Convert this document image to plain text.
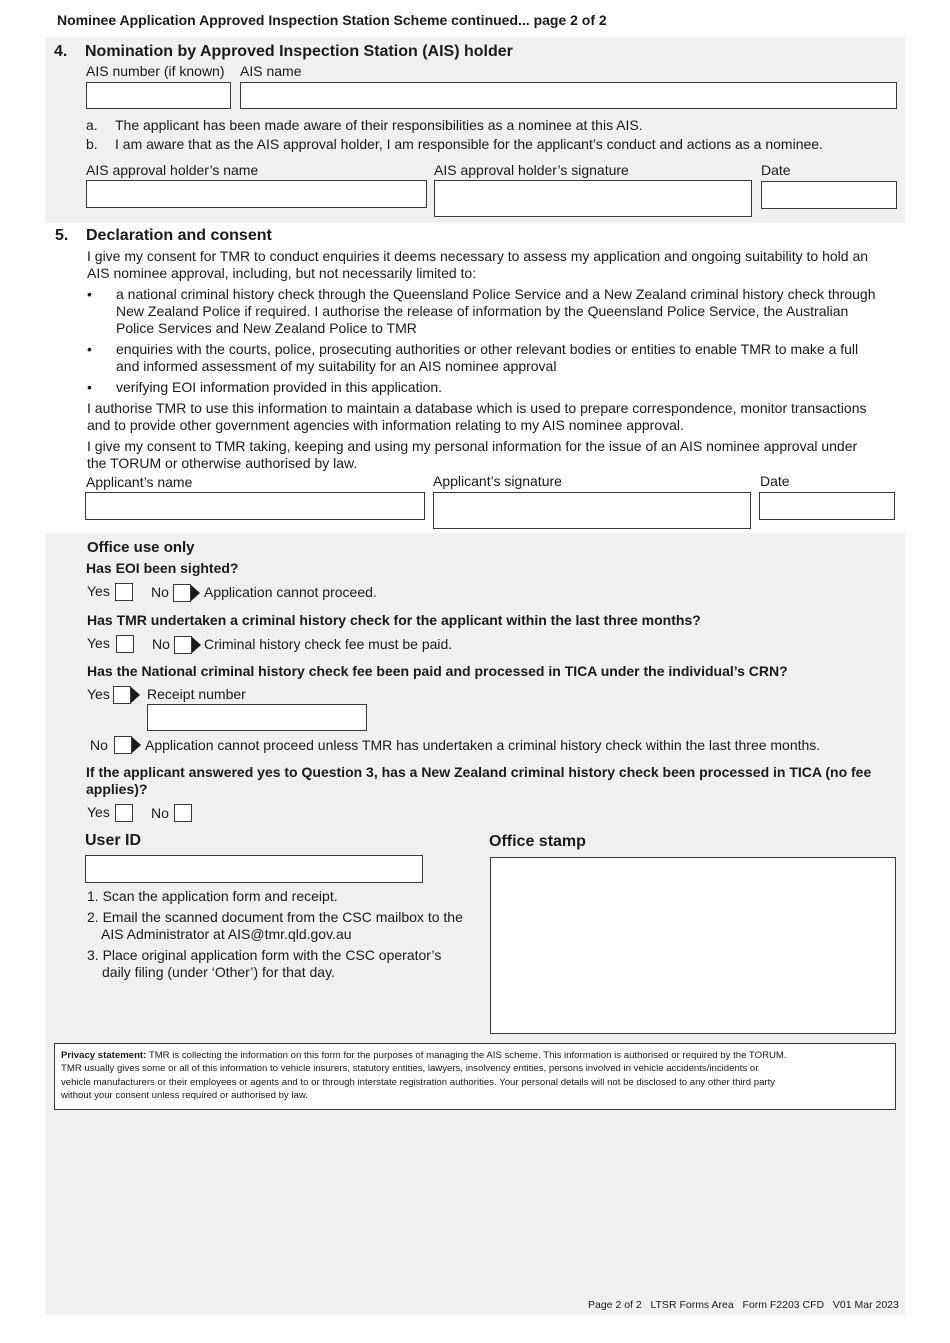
Nominee Application Approved Inspection Station Scheme continued... page 2 of 2
4. Nomination by Approved Inspection Station (AIS) holder
AIS number (if known) AIS name
a. The applicant has been made aware of their responsibilities as a nominee at this AIS.
b. I am aware that as the AIS approval holder, I am responsible for the applicant’s conduct and actions as a nominee.
AIS approval holder’s name	AIS approval holder’s signature	Date
5. Declaration and consent
I give my consent for TMR to conduct enquiries it deems necessary to assess my application and ongoing suitability to hold an
AIS nominee approval, including, but not necessarily limited to:
• a national criminal history check through the Queensland Police Service and a New Zealand criminal history check through
New Zealand Police if required. I authorise the release of information by the Queensland Police Service, the Australian
Police Services and New Zealand Police to TMR
• enquiries with the courts, police, prosecuting authorities or other relevant bodies or entities to enable TMR to make a full
and informed assessment of my suitability for an AIS nominee approval
• verifying EOI information provided in this application.
I authorise TMR to use this information to maintain a database which is used to prepare correspondence, monitor transactions
and to provide other government agencies with information relating to my AIS nominee approval.
I give my consent to TMR taking, keeping and using my personal information for the issue of an AIS nominee approval under
the TORUM or otherwise authorised by law.
Applicant’s name	Applicant’s signature	Date
Office use only
Has EOI been sighted?
Yes	No	Application cannot proceed.
Has TMR undertaken a criminal history check for the applicant within the last three months?
Yes	No Criminal history check fee must be paid.
Has the National criminal history check fee been paid and processed in TICA under the individual’s CRN?
Yes	Receipt number
No	Application cannot proceed unless TMR has undertaken a criminal history check within the last three months.
If the applicant answered yes to Question 3, has a New Zealand criminal history check been processed in TICA (no fee
applies)?
Yes	No
User ID	Office stamp
1. Scan the application form and receipt.
2. Email the scanned document from the CSC mailbox to the
AIS Administrator at AIS@tmr.qld.gov.au
3. Place original application form with the CSC operator’s
daily filing (under ‘Other’) for that day.
Privacy statement: TMR is collecting the information on this form for the purposes of managing the AIS scheme. This information is authorised or required by the TORUM.
TMR usually gives some or all of this information to vehicle insurers, statutory entities, lawyers, insolvency entities, persons involved in vehicle accidents/incidents or
vehicle manufacturers or their employees or agents and to or through interstate registration authorities. Your personal details will not be disclosed to any other third party
without your consent unless required or authorised by law.
Page 2 of 2   LTSR Forms Area   Form F2203 CFD   V01 Mar 2023
